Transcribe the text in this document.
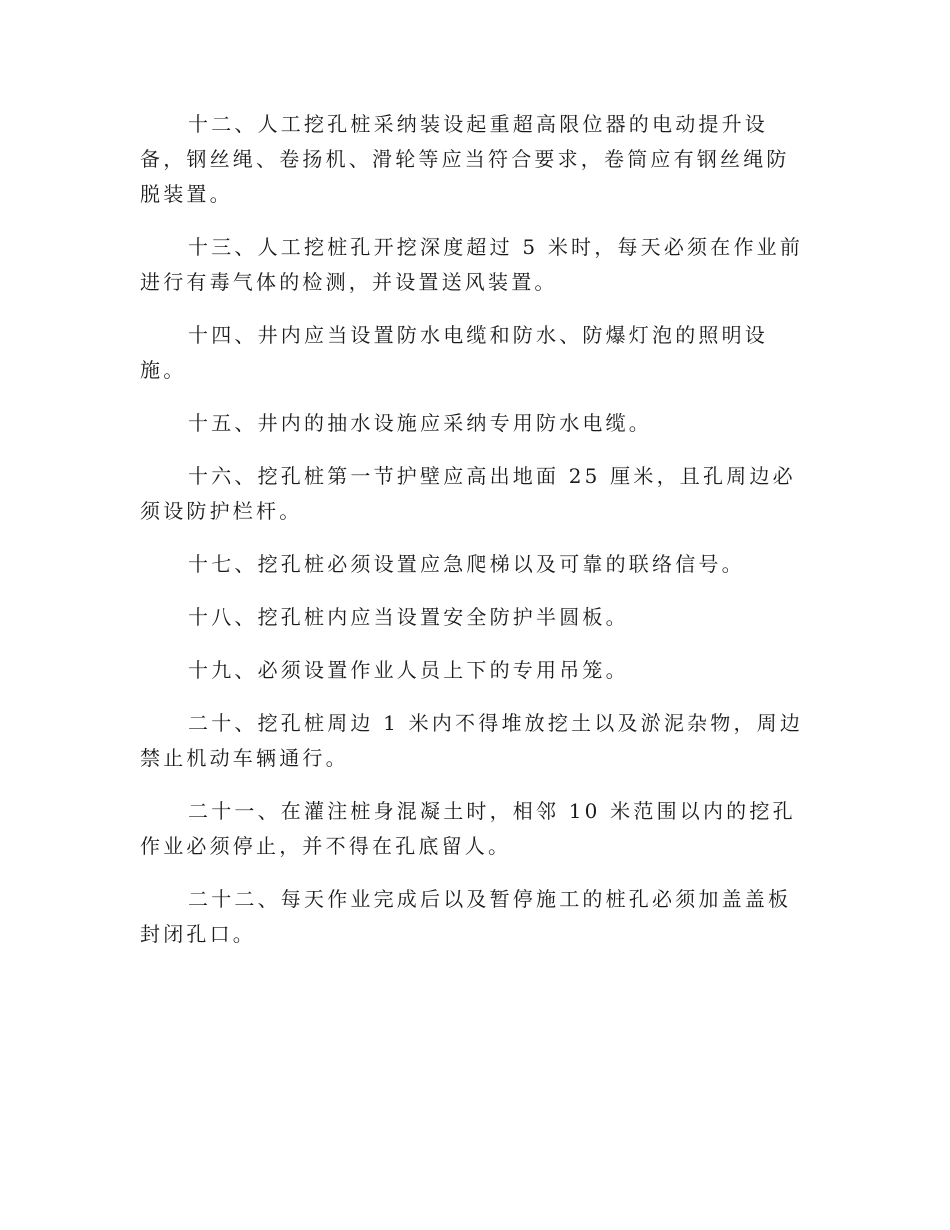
十二、人工挖孔桩采纳装设起重超高限位器的电动提升设备，钢丝绳、卷扬机、滑轮等应当符合要求，卷筒应有钢丝绳防脱装置。

十三、人工挖桩孔开挖深度超过 5 米时，每天必须在作业前进行有毒气体的检测，并设置送风装置。

十四、井内应当设置防水电缆和防水、防爆灯泡的照明设施。

十五、井内的抽水设施应采纳专用防水电缆。

十六、挖孔桩第一节护壁应高出地面 25 厘米，且孔周边必须设防护栏杆。

十七、挖孔桩必须设置应急爬梯以及可靠的联络信号。

十八、挖孔桩内应当设置安全防护半圆板。

十九、必须设置作业人员上下的专用吊笼。

二十、挖孔桩周边 1 米内不得堆放挖土以及淤泥杂物，周边禁止机动车辆通行。

二十一、在灌注桩身混凝土时，相邻 10 米范围以内的挖孔作业必须停止，并不得在孔底留人。

二十二、每天作业完成后以及暂停施工的桩孔必须加盖盖板封闭孔口。
